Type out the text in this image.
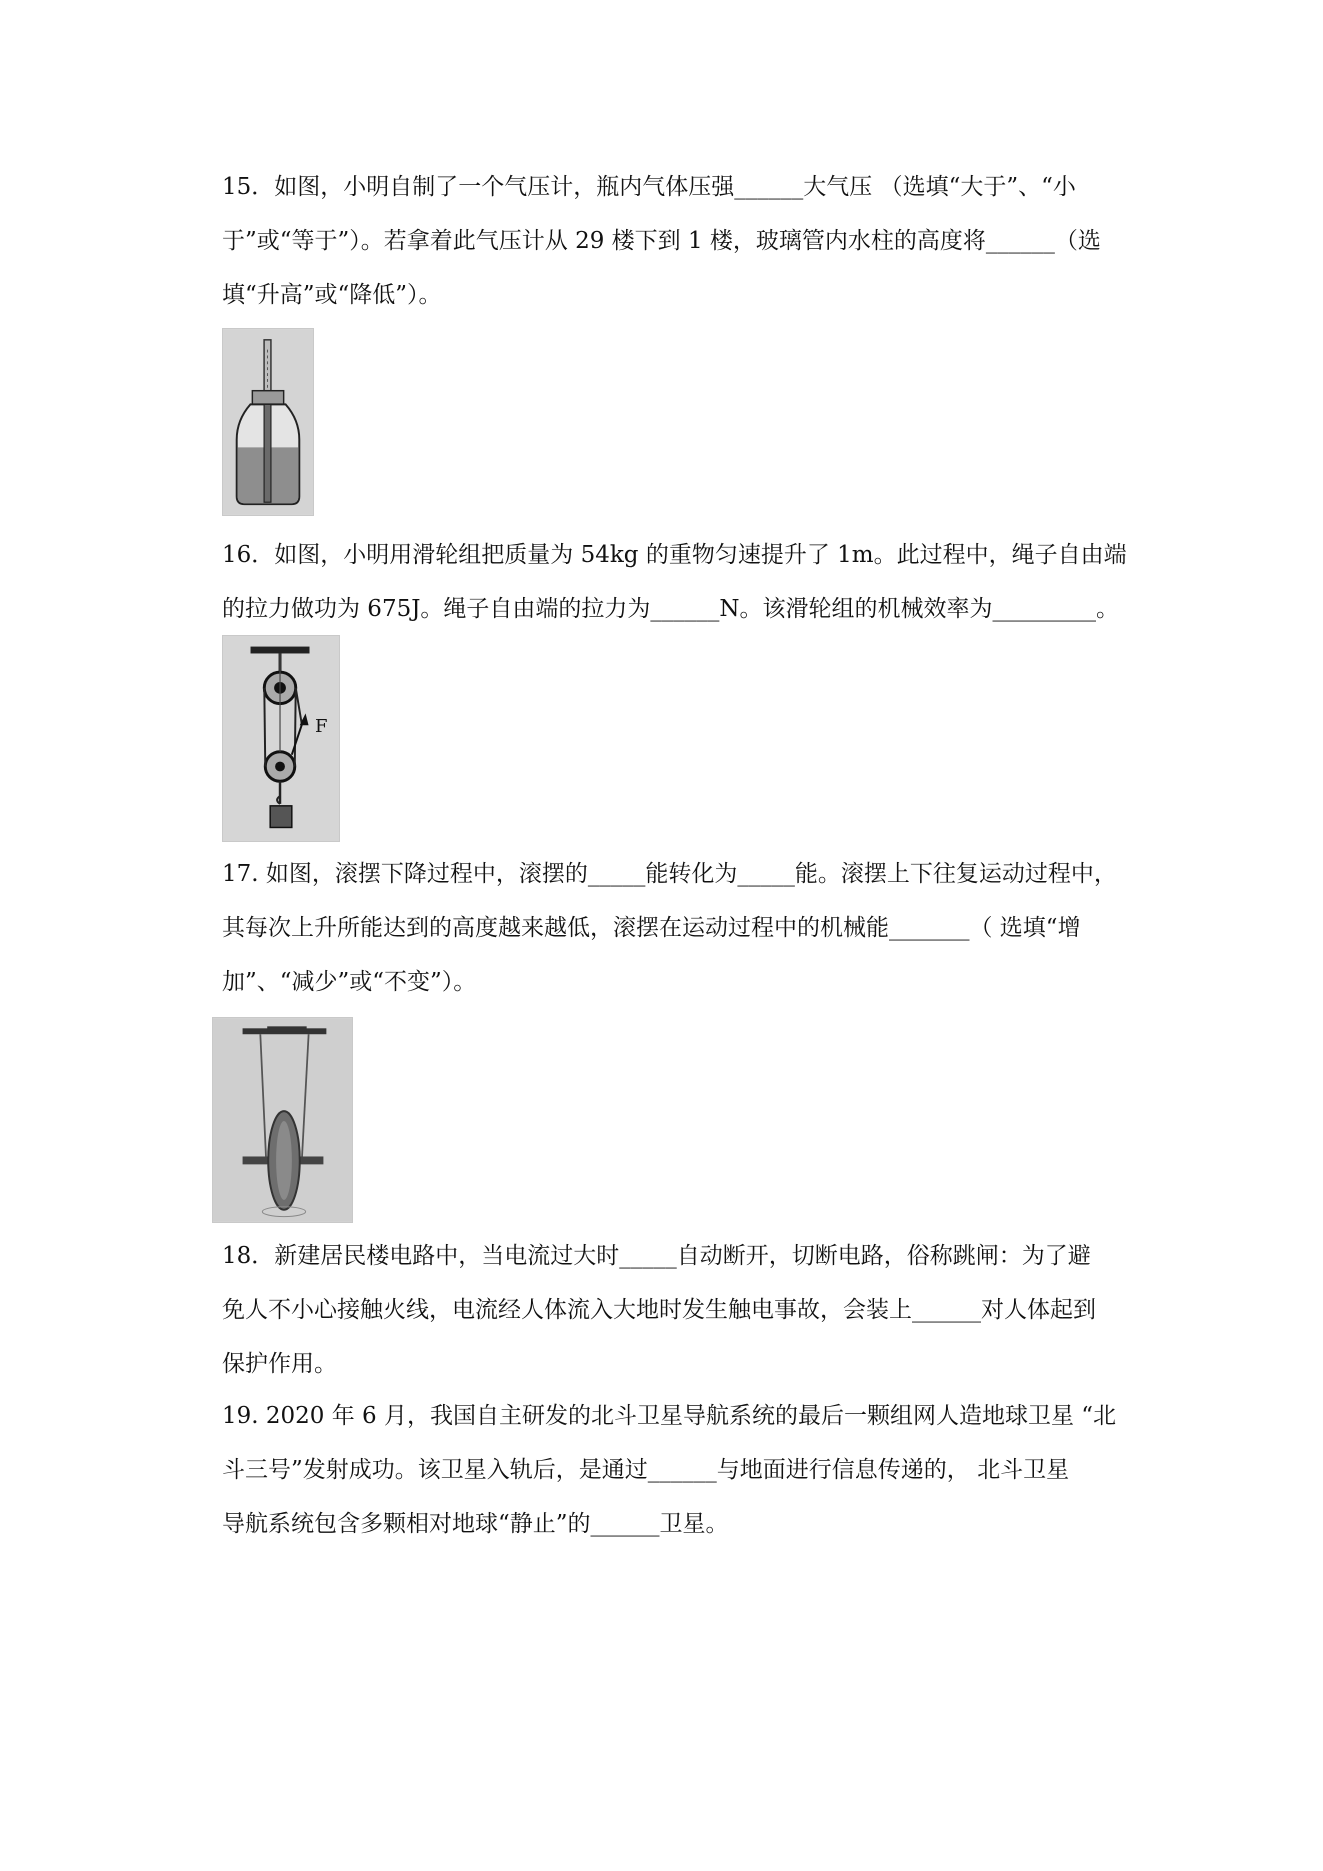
15．如图，小明自制了一个气压计，瓶内气体压强______大气压 （选填“大于”、“小

于”或“等于”）。若拿着此气压计从 29 楼下到 1 楼，玻璃管内水柱的高度将______（选

填“升高”或“降低”）。

16．如图，小明用滑轮组把质量为 54kg 的重物匀速提升了 1m。此过程中，绳子自由端

的拉力做功为 675J。绳子自由端的拉力为______N。该滑轮组的机械效率为_________。

F

17. 如图，滚摆下降过程中，滚摆的_____能转化为_____能。滚摆上下往复运动过程中，

其每次上升所能达到的高度越来越低，滚摆在运动过程中的机械能_______（ 选填“增

加”、“减少”或“不变”）。

18．新建居民楼电路中，当电流过大时_____自动断开，切断电路，俗称跳闸：为了避

免人不小心接触火线，电流经人体流入大地时发生触电事故，会装上______对人体起到

保护作用。

19. 2020 年 6 月，我国自主研发的北斗卫星导航系统的最后一颗组网人造地球卫星 “北

斗三号”发射成功。该卫星入轨后，是通过______与地面进行信息传递的， 北斗卫星

导航系统包含多颗相对地球“静止”的______卫星。
